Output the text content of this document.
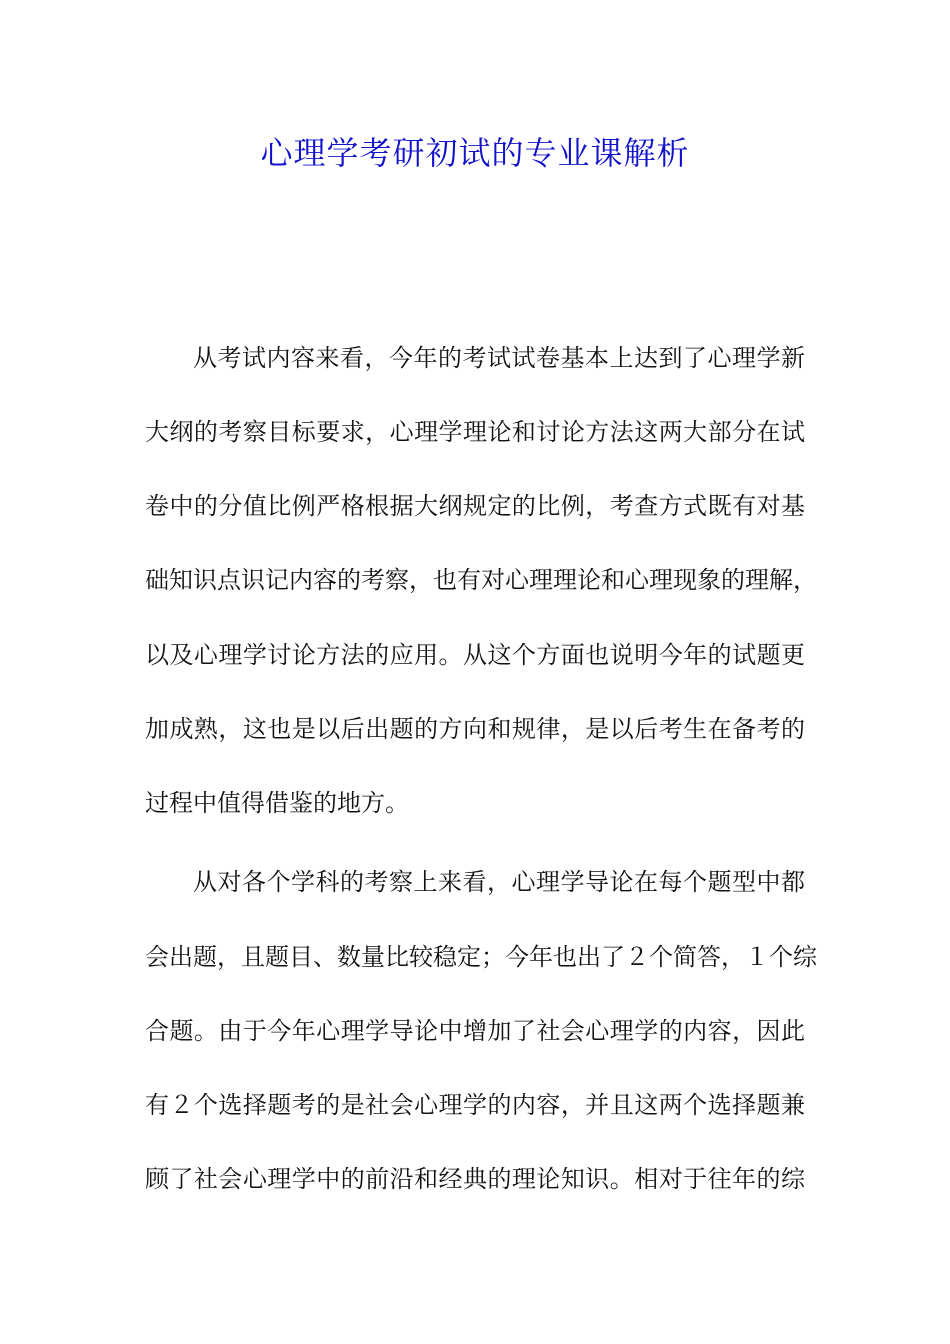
心理学考研初试的专业课解析
从考试内容来看，今年的考试试卷基本上达到了心理学新
大纲的考察目标要求，心理学理论和讨论方法这两大部分在试
卷中的分值比例严格根据大纲规定的比例，考查方式既有对基
础知识点识记内容的考察，也有对心理理论和心理现象的理解，
以及心理学讨论方法的应用。从这个方面也说明今年的试题更
加成熟，这也是以后出题的方向和规律，是以后考生在备考的
过程中值得借鉴的地方。
从对各个学科的考察上来看，心理学导论在每个题型中都
会出题，且题目、数量比较稳定；今年也出了２个简答，１个综
合题。由于今年心理学导论中增加了社会心理学的内容，因此
有２个选择题考的是社会心理学的内容，并且这两个选择题兼
顾了社会心理学中的前沿和经典的理论知识。相对于往年的综
